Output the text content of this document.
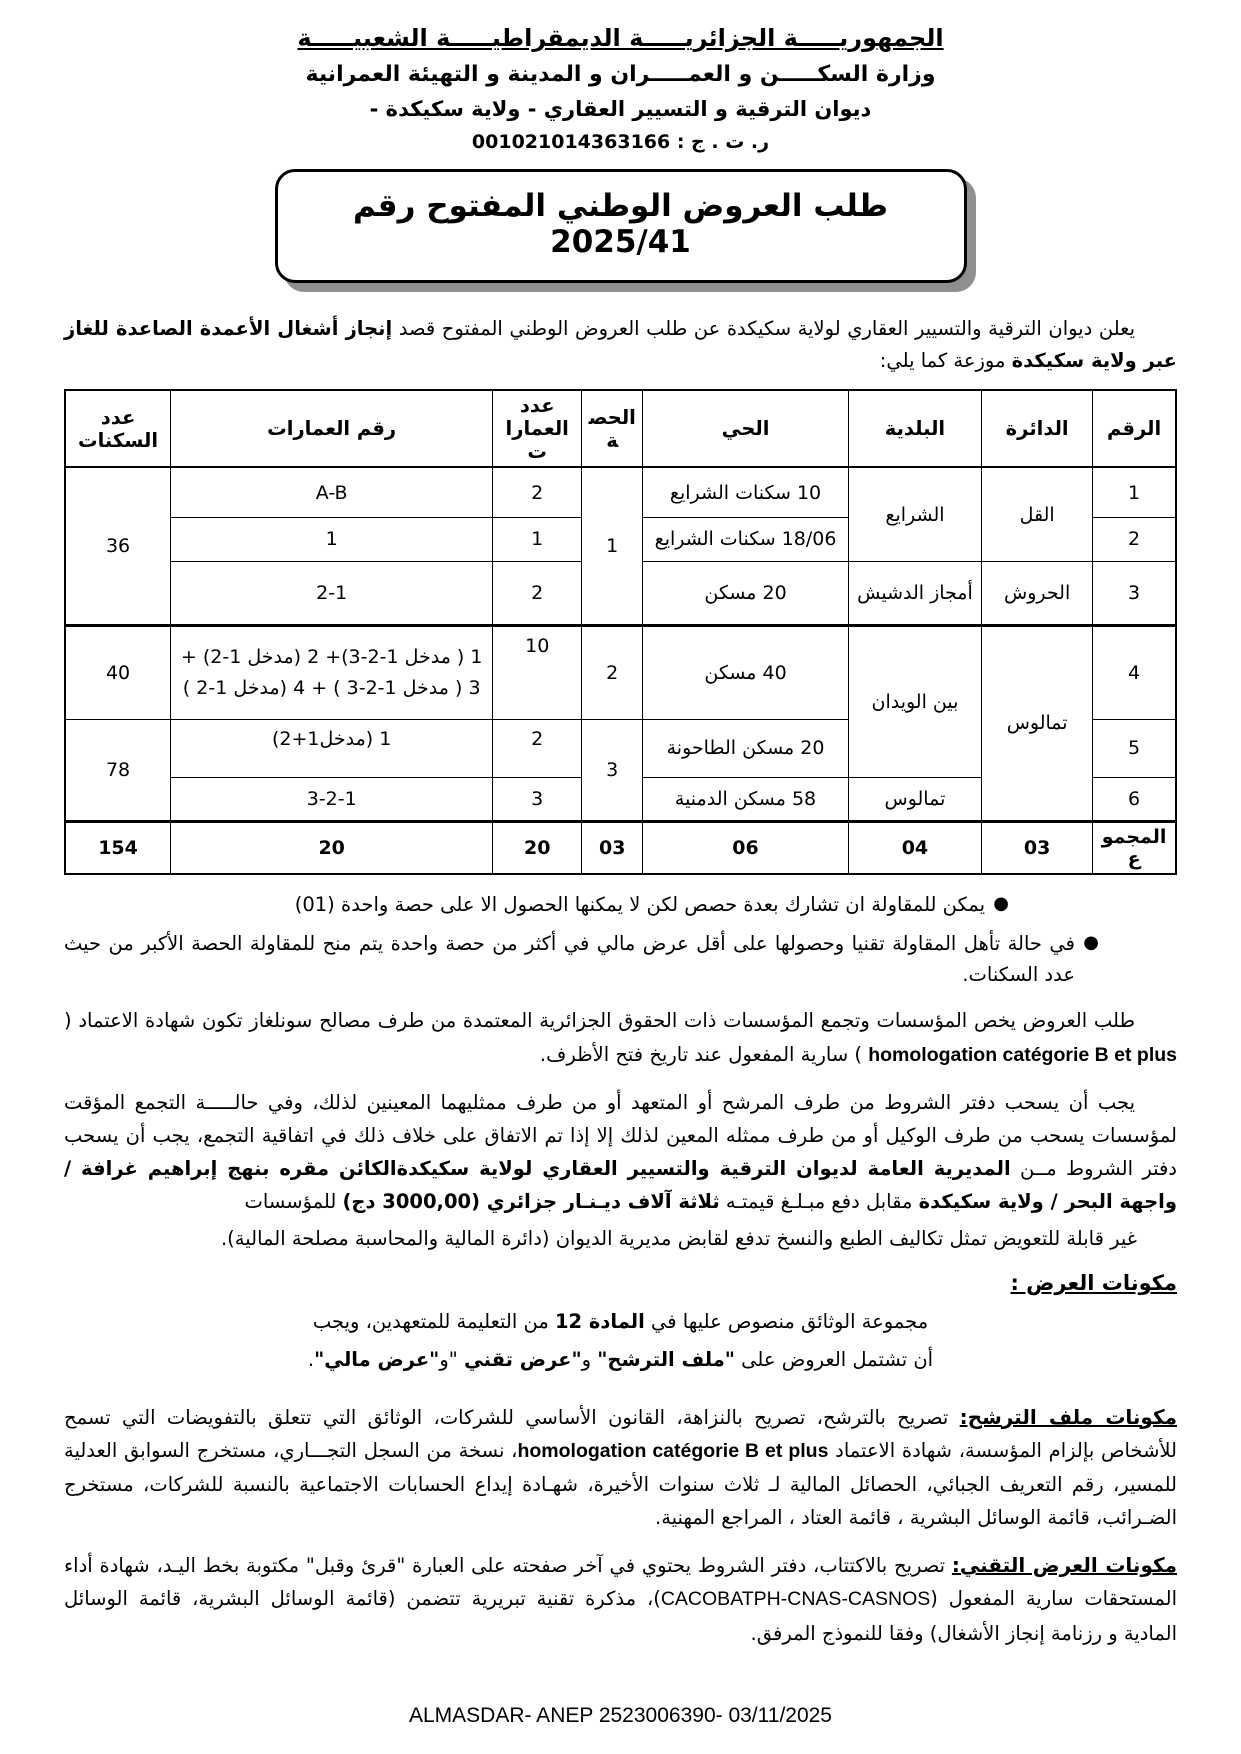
الجمهوريـــــة الجزائريـــــة الديمقراطيـــــة الشعبيـــــة
وزارة السكـــــن و العمـــــران و المدينة و التهيئة العمرانية
ديوان الترقية و التسيير العقاري - ولاية سكيكدة -
ر. ت . ج : 001021014363166
طلب العروض الوطني المفتوح رقم 2025/41

يعلن ديوان الترقية والتسيير العقاري لولاية سكيكدة عن طلب العروض الوطني المفتوح قصد إنجاز أشغال الأعمدة الصاعدة للغاز عبر ولاية سكيكدة موزعة كما يلي:

الرقم	الدائرة	البلدية	الحي	الحصة	عدد العمارات	رقم العمارات	عدد السكنات
1	القل	الشرايع	10 سكنات الشرايع	1	2	A-B	36
2			18/06 سكنات الشرايع		1	1	
3	الحروش	أمجاز الدشيش	20 مسكن		2	2-1	
4	تمالوس	بين الويدان	40 مسكن	2	10	1 ( مدخل 1-2-3)+ 2 (مدخل 1-2) + 3 ( مدخل 1-2-3 ) + 4 (مدخل 1-2 )	40
5			20 مسكن الطاحونة	3	2	1 (مدخل1+2)	78
6		تمالوس	58 مسكن الدمنية		3	3-2-1	
المجموع	03	04	06	03	20	20	154
●
يمكن للمقاولة ان تشارك بعدة حصص لكن لا يمكنها الحصول الا على حصة واحدة (01)
●
في حالة تأهل المقاولة تقنيا وحصولها على أقل عرض مالي في أكثر من حصة واحدة يتم منح للمقاولة الحصة الأكبر من حيث عدد السكنات.

طلب العروض يخص المؤسسات وتجمع المؤسسات ذات الحقوق الجزائرية المعتمدة من طرف مصالح سونلغاز تكون شهادة الاعتماد ( homologation catégorie B et plus ) سارية المفعول عند تاريخ فتح الأظرف.

يجب أن يسحب دفتر الشروط من طرف المرشح أو المتعهد أو من طرف ممثليهما المعينين لذلك، وفي حالـــــة التجمع المؤقت لمؤسسات يسحب من طرف الوكيل أو من طرف ممثله المعين لذلك إلا إذا تم الاتفاق على خلاف ذلك في اتفاقية التجمع، يجب أن يسحب دفتر الشروط مــن المديرية العامة لديوان الترقية والتسيير العقاري لولاية سكيكدةالكائن مقره بنهج إبراهيم غرافة / واجهة البحر / ولاية سكيكدة مقابل دفع مبـلـغ قيمتـه ثلاثة آلاف ديـنـار جزائري (3000,00 دج) للمؤسسات

غير قابلة للتعويض تمثل تكاليف الطبع والنسخ تدفع لقابض مديرية الديوان (دائرة المالية والمحاسبة مصلحة المالية).

مكونات العرض :

مجموعة الوثائق منصوص عليها في المادة 12 من التعليمة للمتعهدين، ويجب

أن تشتمل العروض على "ملف الترشح" و"عرض تقني "و"عرض مالي".

مكونات ملف الترشح: تصريح بالترشح، تصريح بالنزاهة، القانون الأساسي للشركات، الوثائق التي تتعلق بالتفويضات التي تسمح للأشخاص بإلزام المؤسسة، شهادة الاعتماد homologation catégorie B et plus، نسخة من السجل التجـــاري، مستخرج السوابق العدلية للمسير، رقم التعريف الجبائي، الحصائل المالية لـ ثلاث سنوات الأخيرة، شهـادة إيداع الحسابات الاجتماعية بالنسبة للشركات، مستخرج الضـرائب، قائمة الوسائل البشرية ، قائمة العتاد ، المراجع المهنية.

مكونات العرض التقني: تصريح بالاكتتاب، دفتر الشروط يحتوي في آخر صفحته على العبارة "قرئ وقبل" مكتوبة بخط اليـد، شهادة أداء المستحقات سارية المفعول (CACOBATPH-CNAS-CASNOS)، مذكرة تقنية تبريرية تتضمن (قائمة الوسائل البشرية، قائمة الوسائل المادية و رزنامة إنجاز الأشغال) وفقا للنموذج المرفق.

ALMASDAR- ANEP 2523006390- 03/11/2025
